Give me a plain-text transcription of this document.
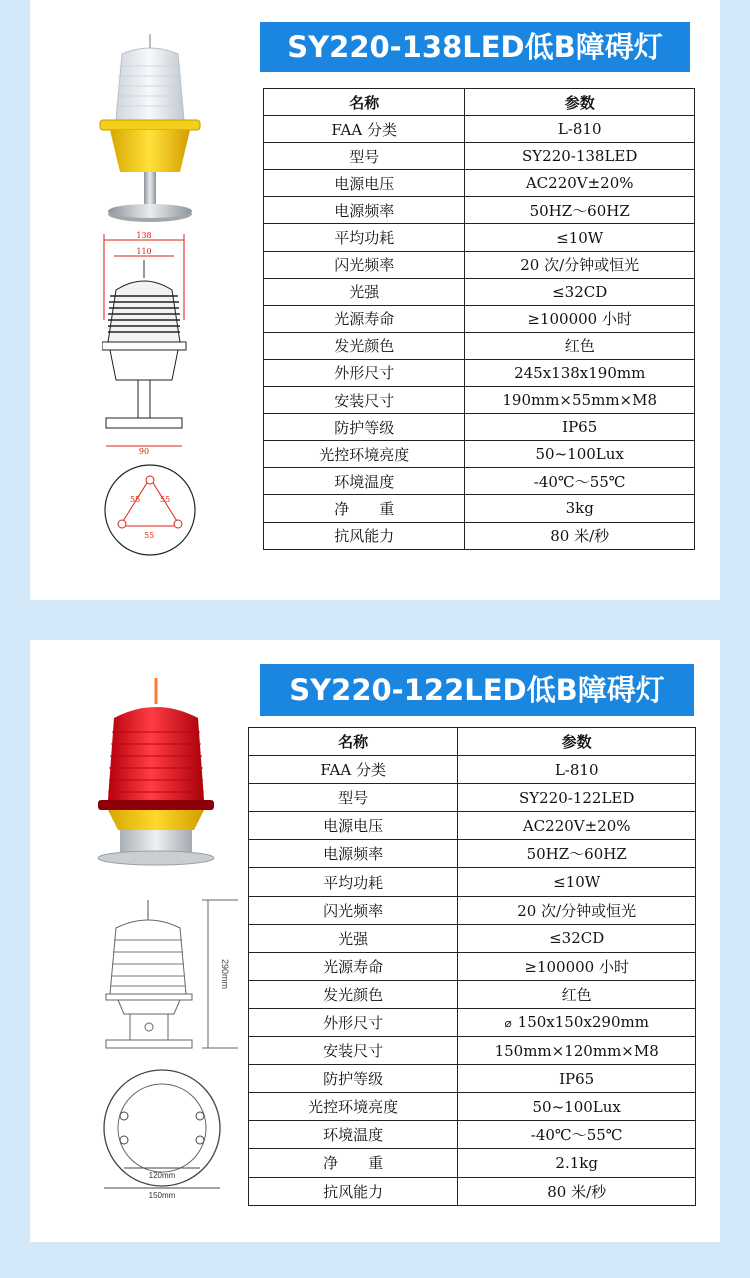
138
110
90
55 55
55
SY220-138LED低B障碍灯
名称	参数
FAA 分类	L-810
型号	SY220-138LED
电源电压	AC220V±20%
电源频率	50HZ～60HZ
平均功耗	≤10W
闪光频率	20 次/分钟或恒光
光强	≤32CD
光源寿命	≥100000 小时
发光颜色	红色
外形尺寸	245x138x190mm
安装尺寸	190mm×55mm×M8
防护等级	IP65
光控环境亮度	50~100Lux
环境温度	-40℃～55℃
净　　重	3kg
抗风能力	80 米/秒
290mm
120mm
150mm
SY220-122LED低B障碍灯
名称	参数
FAA 分类	L-810
型号	SY220-122LED
电源电压	AC220V±20%
电源频率	50HZ～60HZ
平均功耗	≤10W
闪光频率	20 次/分钟或恒光
光强	≤32CD
光源寿命	≥100000 小时
发光颜色	红色
外形尺寸	⌀ 150x150x290mm
安装尺寸	150mm×120mm×M8
防护等级	IP65
光控环境亮度	50~100Lux
环境温度	-40℃～55℃
净　　重	2.1kg
抗风能力	80 米/秒
